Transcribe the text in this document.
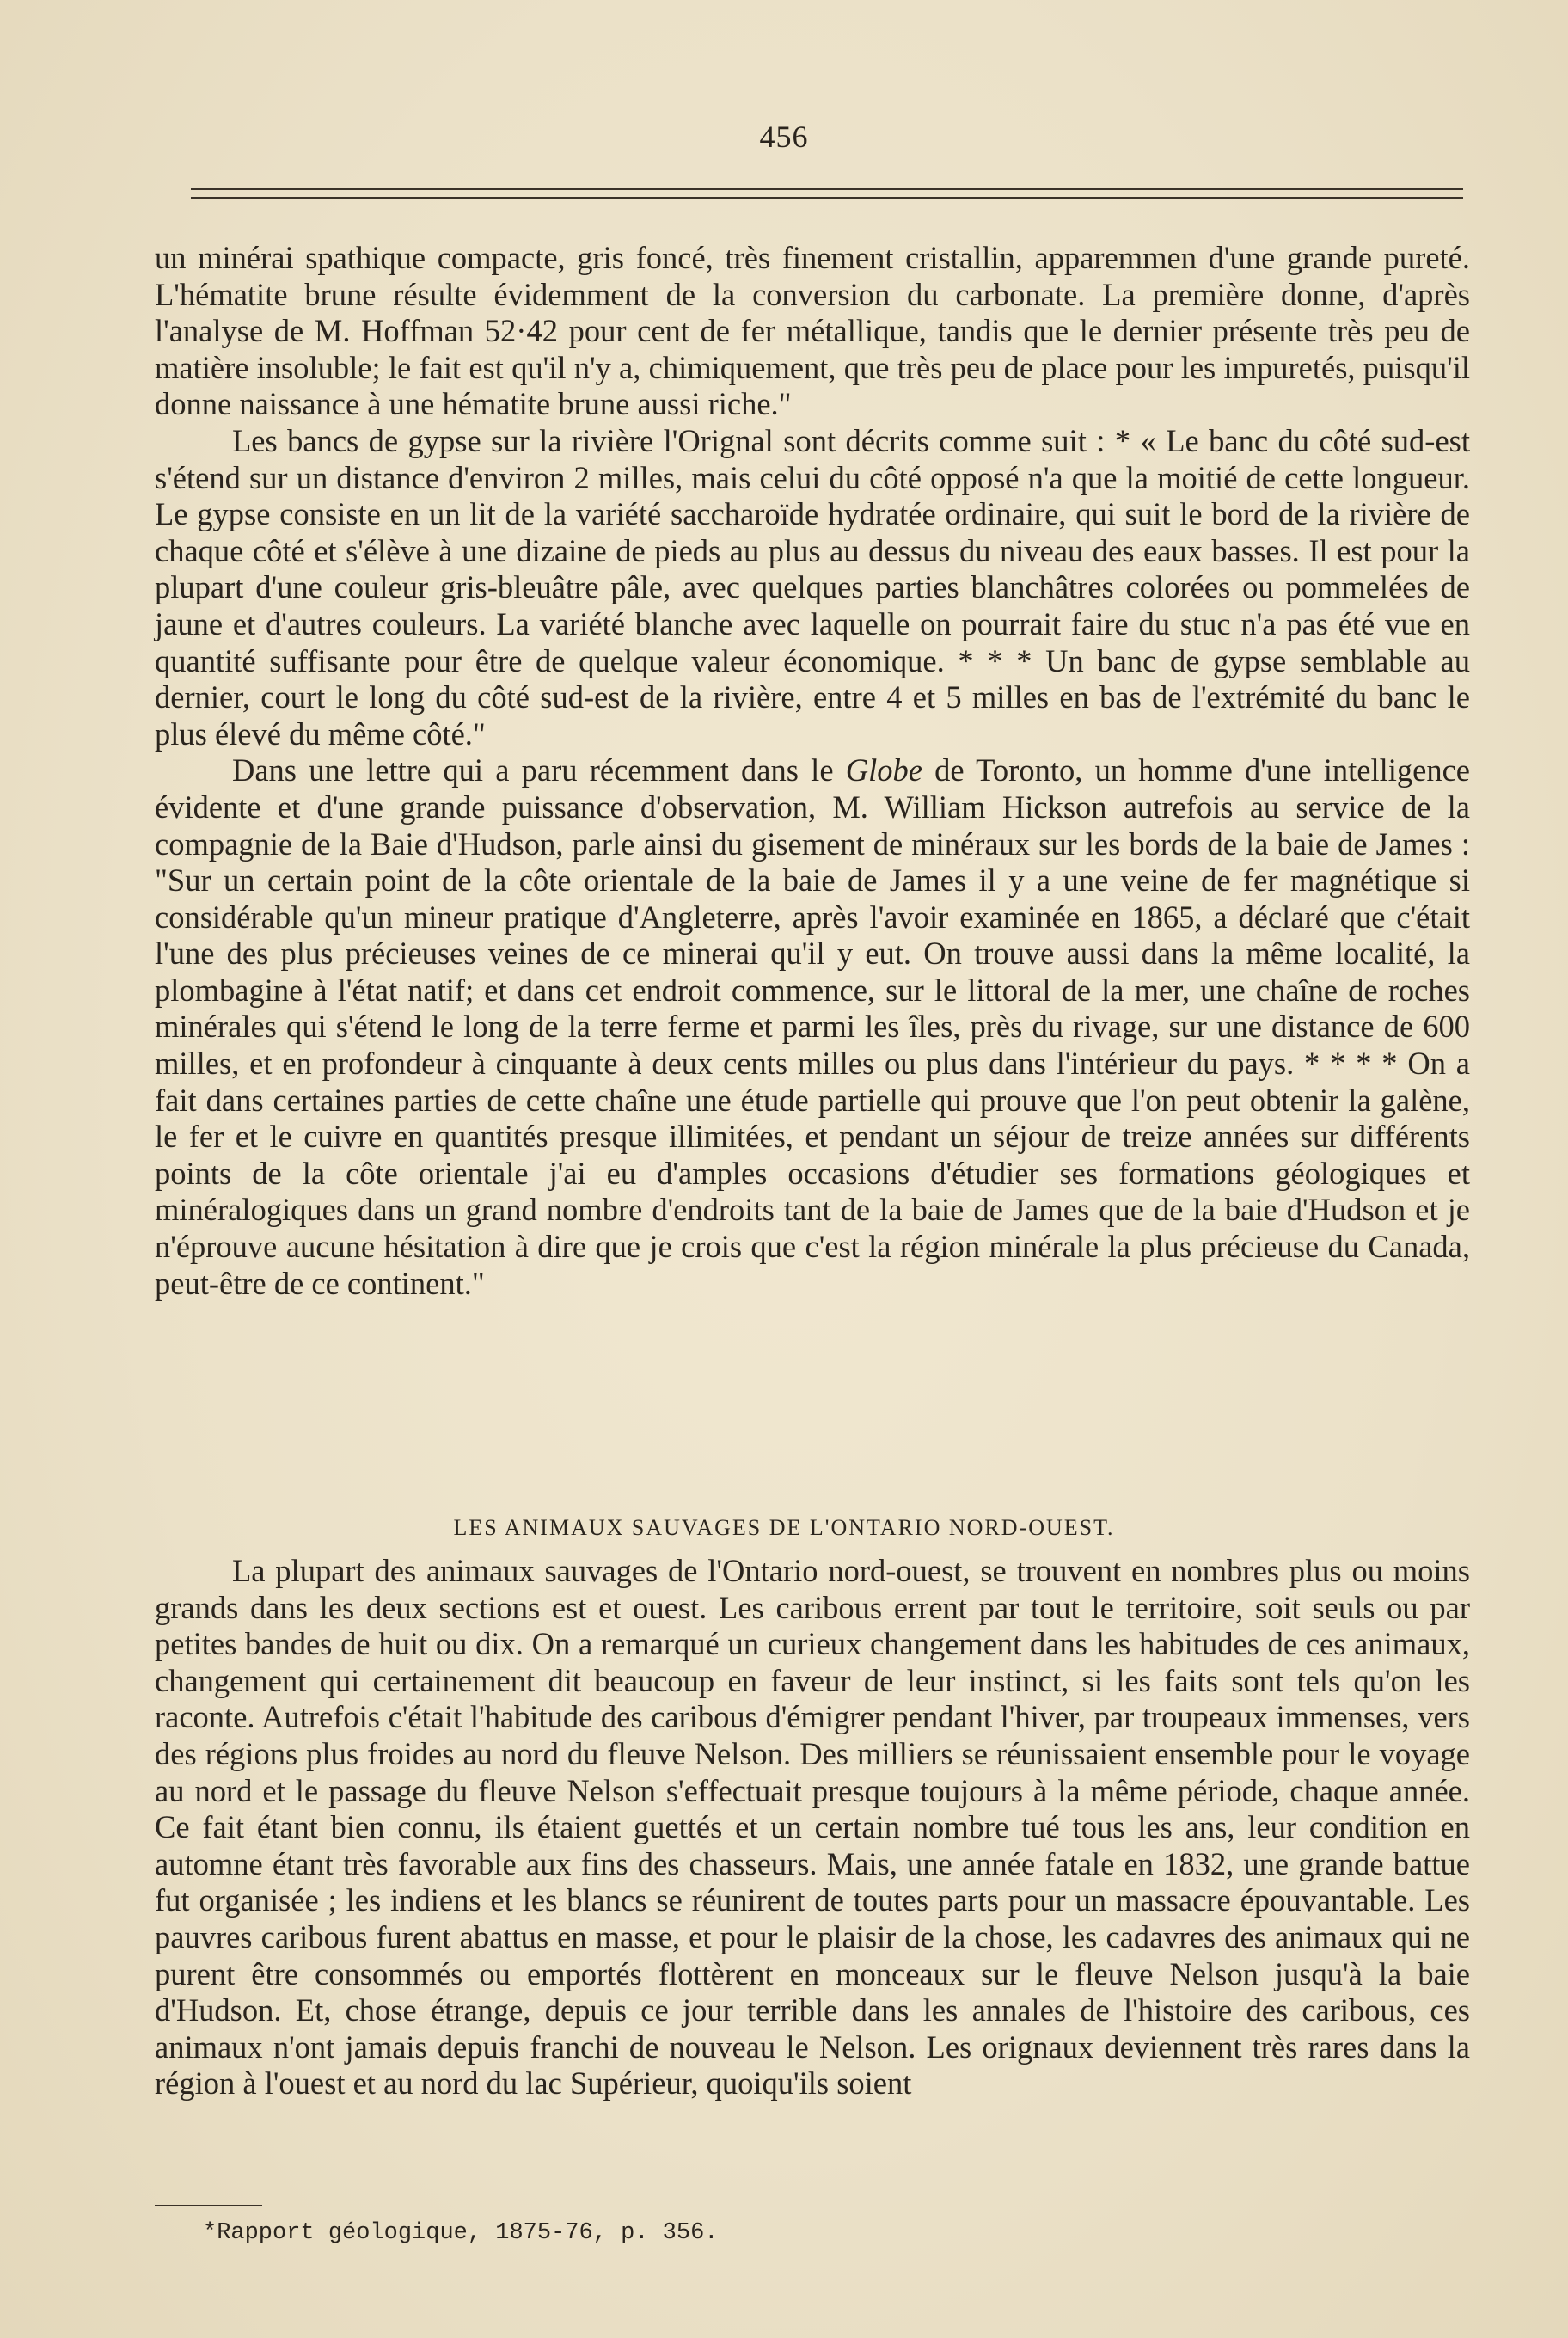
456

un minérai spathique compacte, gris foncé, très finement cristallin, apparemmen d'une grande pureté. L'hématite brune résulte évidemment de la conversion du carbonate. La première donne, d'après l'analyse de M. Hoffman 52·42 pour cent de fer métallique, tandis que le dernier présente très peu de matière insoluble; le fait est qu'il n'y a, chimiquement, que très peu de place pour les impuretés, puisqu'il donne naissance à une hématite brune aussi riche."

Les bancs de gypse sur la rivière l'Orignal sont décrits comme suit : * « Le banc du côté sud-est s'étend sur un distance d'environ 2 milles, mais celui du côté opposé n'a que la moitié de cette longueur. Le gypse consiste en un lit de la variété saccharoïde hydratée ordinaire, qui suit le bord de la rivière de chaque côté et s'élève à une dizaine de pieds au plus au dessus du niveau des eaux basses. Il est pour la plupart d'une couleur gris-bleuâtre pâle, avec quelques parties blanchâtres colorées ou pommelées de jaune et d'autres couleurs. La variété blanche avec laquelle on pourrait faire du stuc n'a pas été vue en quantité suffisante pour être de quelque valeur économique. * * * Un banc de gypse semblable au dernier, court le long du côté sud-est de la rivière, entre 4 et 5 milles en bas de l'extrémité du banc le plus élevé du même côté."

Dans une lettre qui a paru récemment dans le Globe de Toronto, un homme d'une intelligence évidente et d'une grande puissance d'observation, M. William Hickson autrefois au service de la compagnie de la Baie d'Hudson, parle ainsi du gisement de minéraux sur les bords de la baie de James : "Sur un certain point de la côte orientale de la baie de James il y a une veine de fer magnétique si considérable qu'un mineur pratique d'Angleterre, après l'avoir examinée en 1865, a déclaré que c'était l'une des plus précieuses veines de ce minerai qu'il y eut. On trouve aussi dans la même localité, la plombagine à l'état natif; et dans cet endroit commence, sur le littoral de la mer, une chaîne de roches minérales qui s'étend le long de la terre ferme et parmi les îles, près du rivage, sur une distance de 600 milles, et en profondeur à cinquante à deux cents milles ou plus dans l'intérieur du pays. * * * * On a fait dans certaines parties de cette chaîne une étude partielle qui prouve que l'on peut obtenir la galène, le fer et le cuivre en quantités presque illimitées, et pendant un séjour de treize années sur différents points de la côte orientale j'ai eu d'amples occasions d'étudier ses formations géologiques et minéralogiques dans un grand nombre d'endroits tant de la baie de James que de la baie d'Hudson et je n'éprouve aucune hésitation à dire que je crois que c'est la région minérale la plus précieuse du Canada, peut-être de ce continent."

LES ANIMAUX SAUVAGES DE L'ONTARIO NORD-OUEST.

La plupart des animaux sauvages de l'Ontario nord-ouest, se trouvent en nombres plus ou moins grands dans les deux sections est et ouest. Les caribous errent par tout le territoire, soit seuls ou par petites bandes de huit ou dix. On a remarqué un curieux changement dans les habitudes de ces animaux, changement qui certainement dit beaucoup en faveur de leur instinct, si les faits sont tels qu'on les raconte. Autrefois c'était l'habitude des caribous d'émigrer pendant l'hiver, par troupeaux immenses, vers des régions plus froides au nord du fleuve Nelson. Des milliers se réunissaient ensemble pour le voyage au nord et le passage du fleuve Nelson s'effectuait presque toujours à la même période, chaque année. Ce fait étant bien connu, ils étaient guettés et un certain nombre tué tous les ans, leur condition en automne étant très favorable aux fins des chasseurs. Mais, une année fatale en 1832, une grande battue fut organisée ; les indiens et les blancs se réunirent de toutes parts pour un massacre épouvantable. Les pauvres caribous furent abattus en masse, et pour le plaisir de la chose, les cadavres des animaux qui ne purent être consommés ou emportés flottèrent en monceaux sur le fleuve Nelson jusqu'à la baie d'Hudson. Et, chose étrange, depuis ce jour terrible dans les annales de l'histoire des caribous, ces animaux n'ont jamais depuis franchi de nouveau le Nelson. Les orignaux deviennent très rares dans la région à l'ouest et au nord du lac Supérieur, quoiqu'ils soient

*Rapport géologique, 1875-76, p. 356.
